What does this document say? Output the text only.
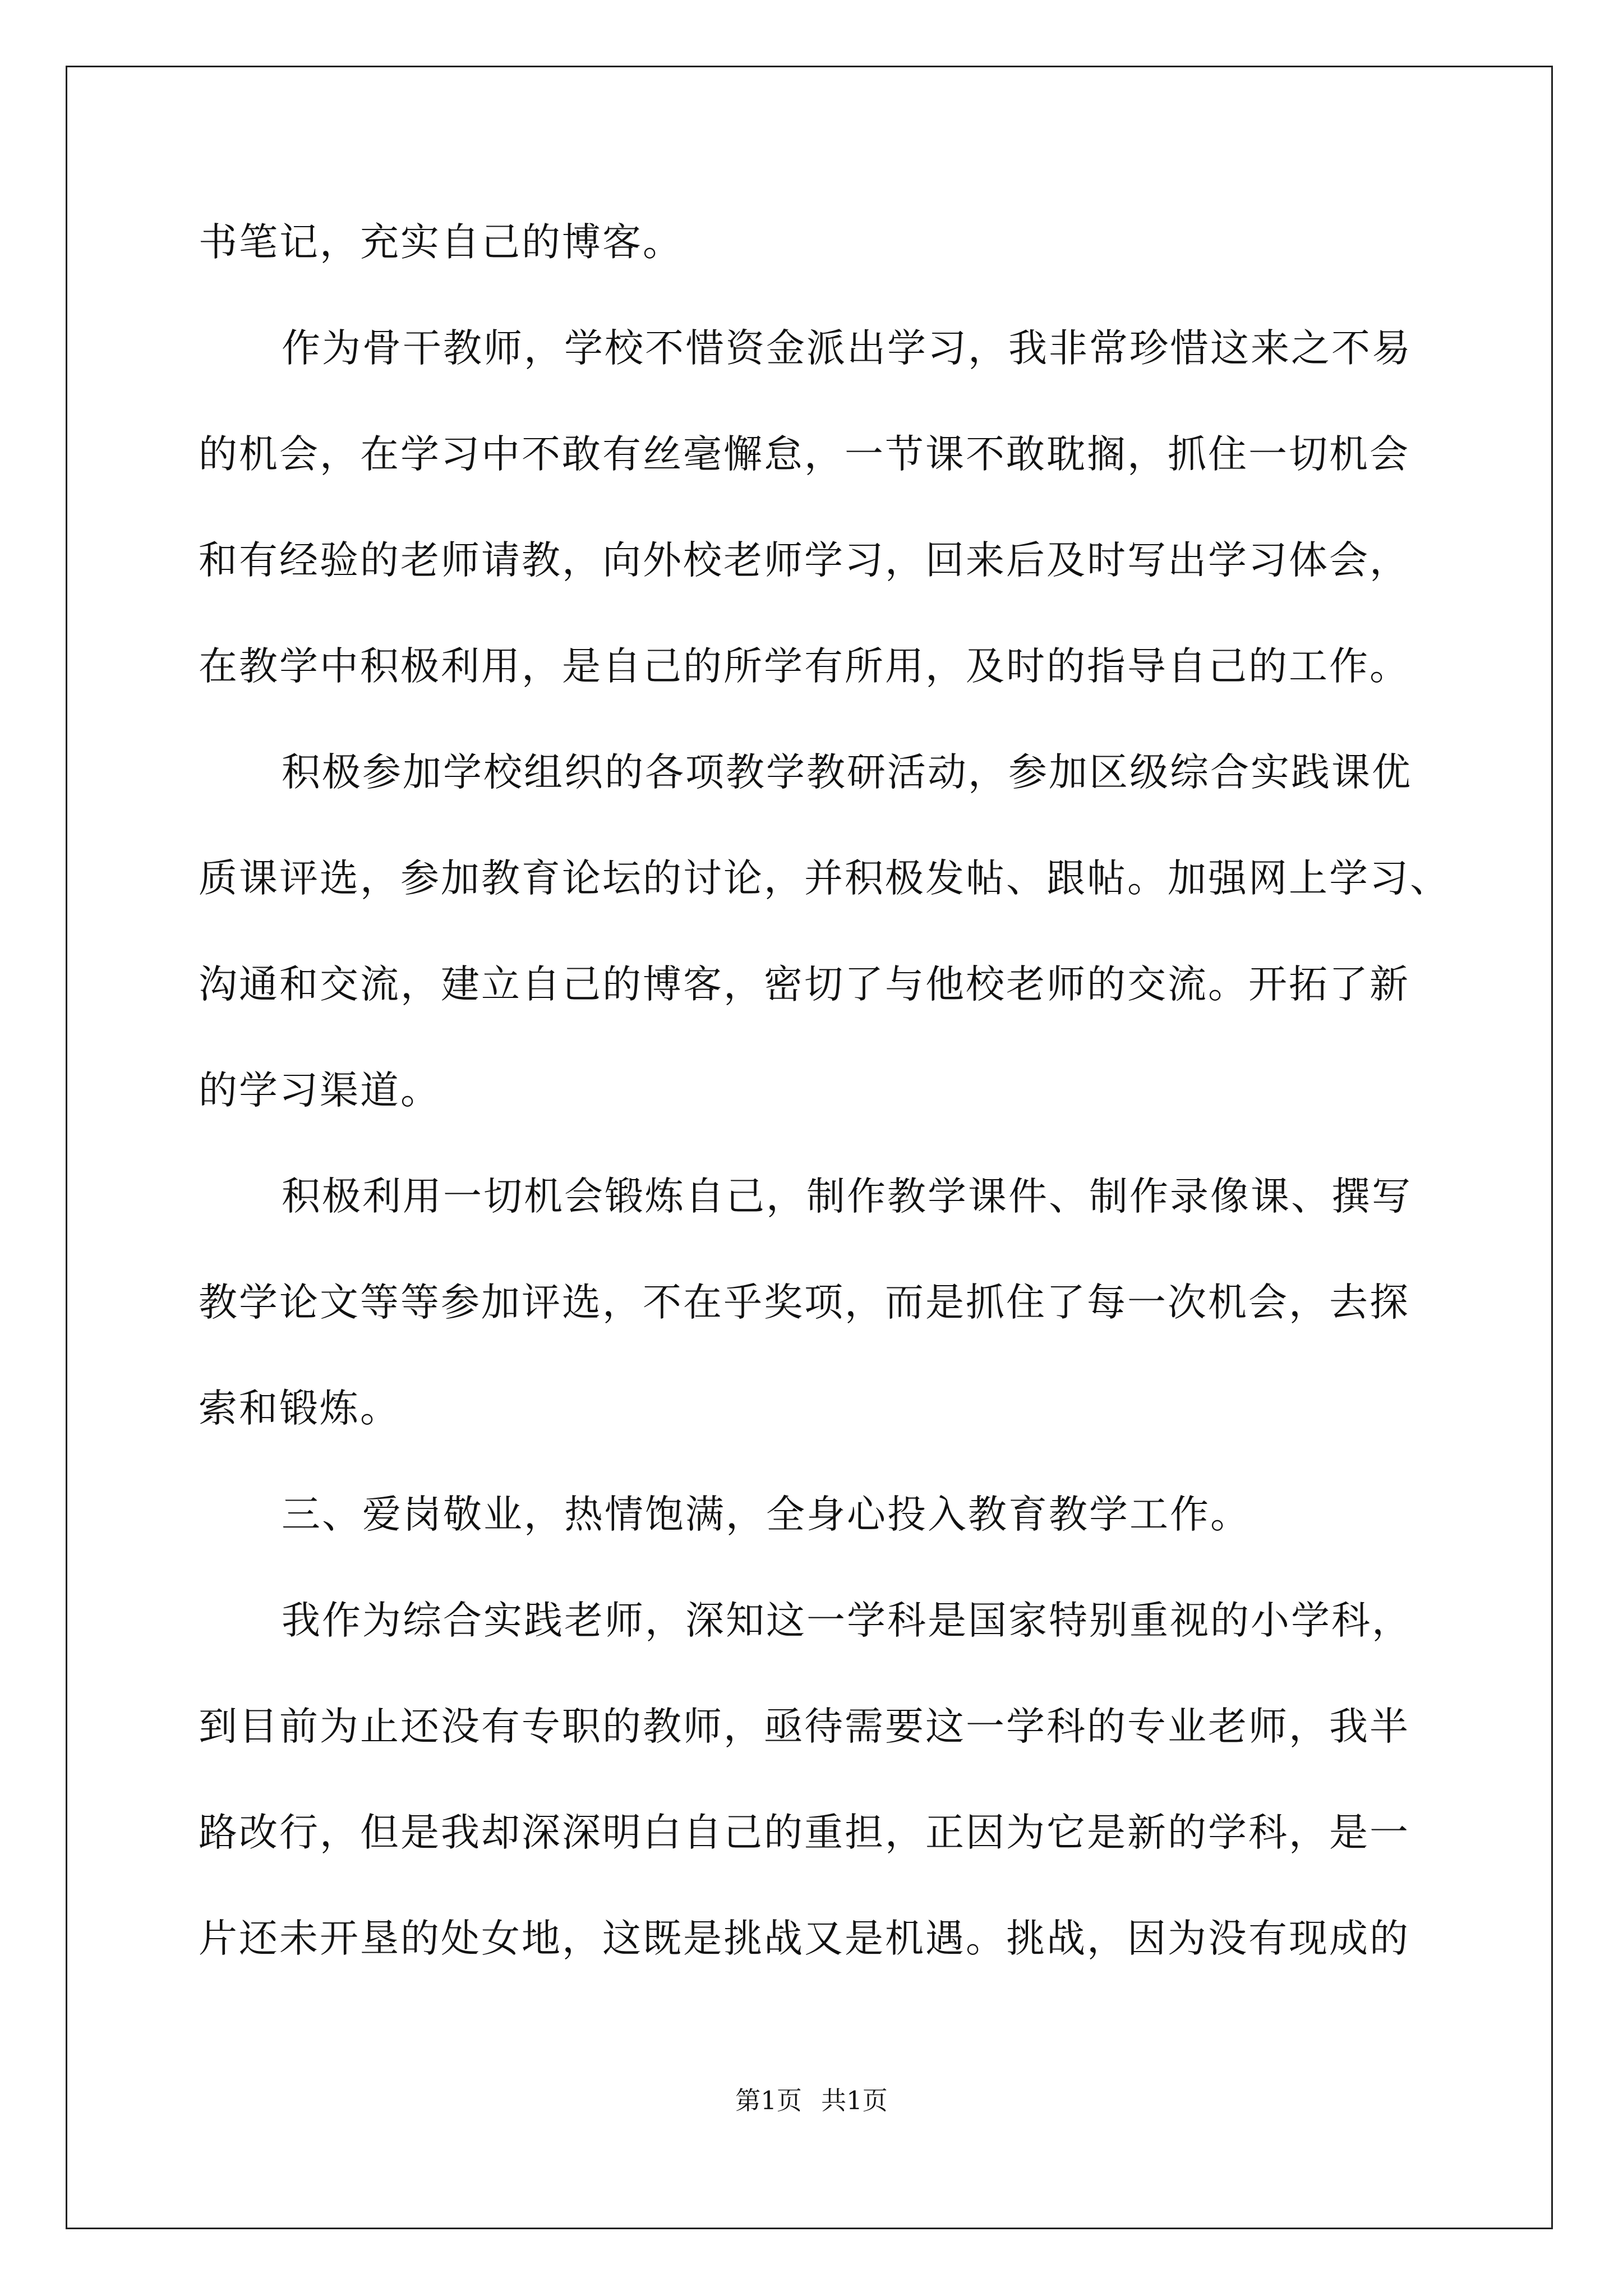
书笔记，充实自己的博客。
作为骨干教师，学校不惜资金派出学习，我非常珍惜这来之不易
的机会，在学习中不敢有丝毫懈怠，一节课不敢耽搁，抓住一切机会
和有经验的老师请教，向外校老师学习，回来后及时写出学习体会，
在教学中积极利用，是自己的所学有所用，及时的指导自己的工作。
积极参加学校组织的各项教学教研活动，参加区级综合实践课优
质课评选，参加教育论坛的讨论，并积极发帖、跟帖。加强网上学习、
沟通和交流，建立自己的博客，密切了与他校老师的交流。开拓了新
的学习渠道。
积极利用一切机会锻炼自己，制作教学课件、制作录像课、撰写
教学论文等等参加评选，不在乎奖项，而是抓住了每一次机会，去探
索和锻炼。
三、爱岗敬业，热情饱满，全身心投入教育教学工作。
我作为综合实践老师，深知这一学科是国家特别重视的小学科，
到目前为止还没有专职的教师，亟待需要这一学科的专业老师，我半
路改行，但是我却深深明白自己的重担，正因为它是新的学科，是一
片还未开垦的处女地，这既是挑战又是机遇。挑战，因为没有现成的
第1页 共1页
